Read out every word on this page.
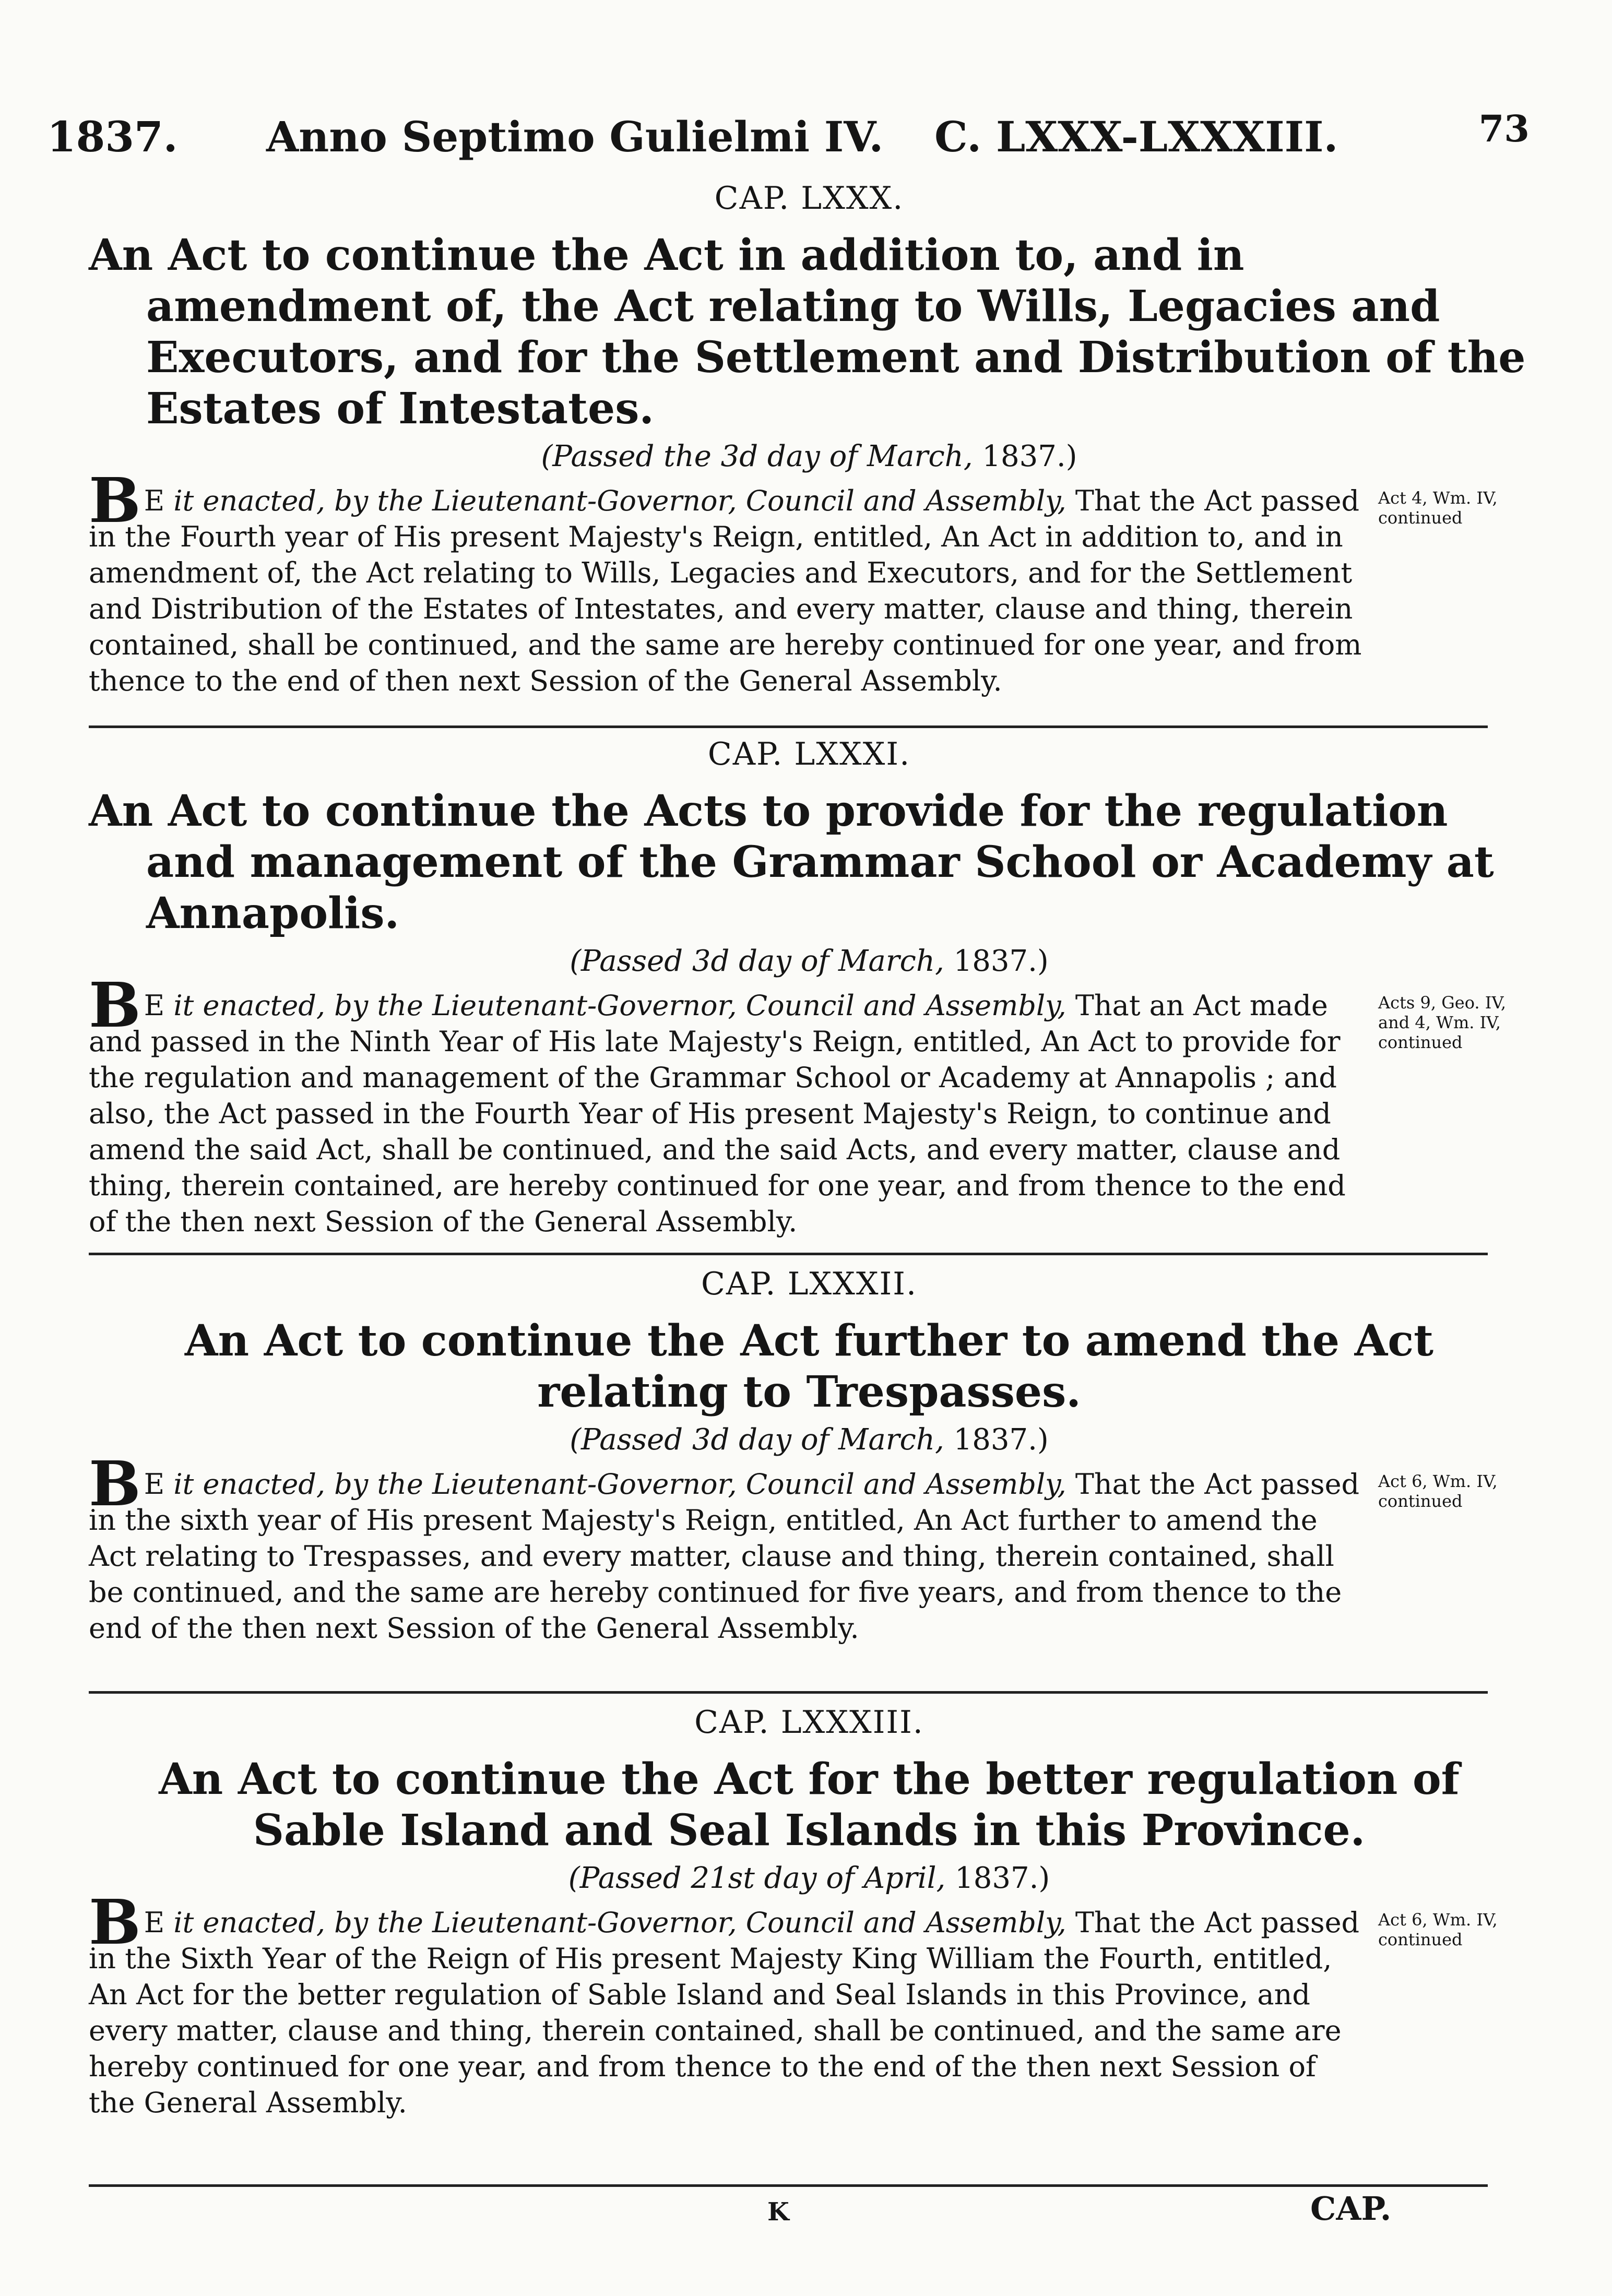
1837. Anno Septimo Gulielmi IV. C. LXXX-LXXXIII.	73
CAP. LXXX.

An Act to continue the Act in addition to, and in amendment of, the Act relating to Wills, Legacies and Executors, and for the Settlement and Distribution of the Estates of Intestates.

(Passed the 3d day of March, 1837.)

B E it enacted, by the Lieutenant-Governor, Council and Assembly, That the Act passed in the Fourth year of His present Majesty's Reign, entitled, An Act in addition to, and in amendment of, the Act relating to Wills, Legacies and Executors, and for the Settlement and Distribution of the Estates of Intestates, and every matter, clause and thing, therein contained, shall be continued, and the same are hereby continued for one year, and from thence to the end of then next Session of the General Assembly.

Act 4, Wm. IV, continued
CAP. LXXXI.

An Act to continue the Acts to provide for the regulation and management of the Grammar School or Academy at Annapolis.

(Passed 3d day of March, 1837.)

B E it enacted, by the Lieutenant-Governor, Council and Assembly, That an Act made and passed in the Ninth Year of His late Majesty's Reign, entitled, An Act to provide for the regulation and management of the Grammar School or Academy at Annapolis ; and also, the Act passed in the Fourth Year of His present Majesty's Reign, to continue and amend the said Act, shall be continued, and the said Acts, and every matter, clause and thing, therein contained, are hereby continued for one year, and from thence to the end of the then next Session of the General Assembly.

Acts 9, Geo. IV, and 4, Wm. IV, continued
CAP. LXXXII.

An Act to continue the Act further to amend the Act relating to Trespasses.

(Passed 3d day of March, 1837.)

B E it enacted, by the Lieutenant-Governor, Council and Assembly, That the Act passed in the sixth year of His present Majesty's Reign, entitled, An Act further to amend the Act relating to Trespasses, and every matter, clause and thing, therein contained, shall be continued, and the same are hereby continued for five years, and from thence to the end of the then next Session of the General Assembly.

Act 6, Wm. IV, continued
CAP. LXXXIII.

An Act to continue the Act for the better regulation of Sable Island and Seal Islands in this Province.

(Passed 21st day of April, 1837.)

B E it enacted, by the Lieutenant-Governor, Council and Assembly, That the Act passed in the Sixth Year of the Reign of His present Majesty King William the Fourth, entitled, An Act for the better regulation of Sable Island and Seal Islands in this Province, and every matter, clause and thing, therein contained, shall be continued, and the same are hereby continued for one year, and from thence to the end of the then next Session of the General Assembly.

Act 6, Wm. IV, continued
K	CAP.
